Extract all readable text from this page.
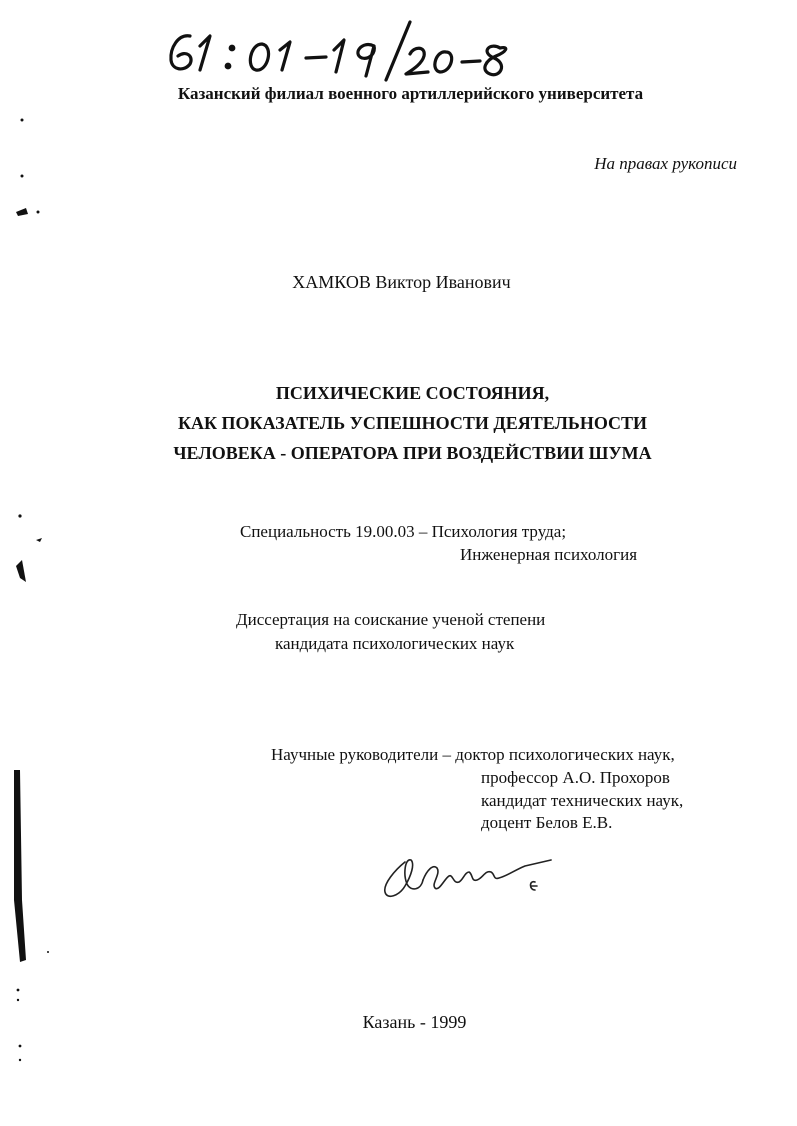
Казанский филиал военного артиллерийского университета
На правах рукописи
ХАМКОВ Виктор Иванович
ПСИХИЧЕСКИЕ СОСТОЯНИЯ,
КАК ПОКАЗАТЕЛЬ УСПЕШНОСТИ ДЕЯТЕЛЬНОСТИ
ЧЕЛОВЕКА - ОПЕРАТОРА ПРИ ВОЗДЕЙСТВИИ ШУМА
Специальность 19.00.03 – Психология труда;
Инженерная психология
Диссертация на соискание ученой степени
кандидата психологических наук
Научные руководители – доктор психологических наук,
профессор А.О. Прохоров
кандидат технических наук,
доцент Белов Е.В.
Казань - 1999
